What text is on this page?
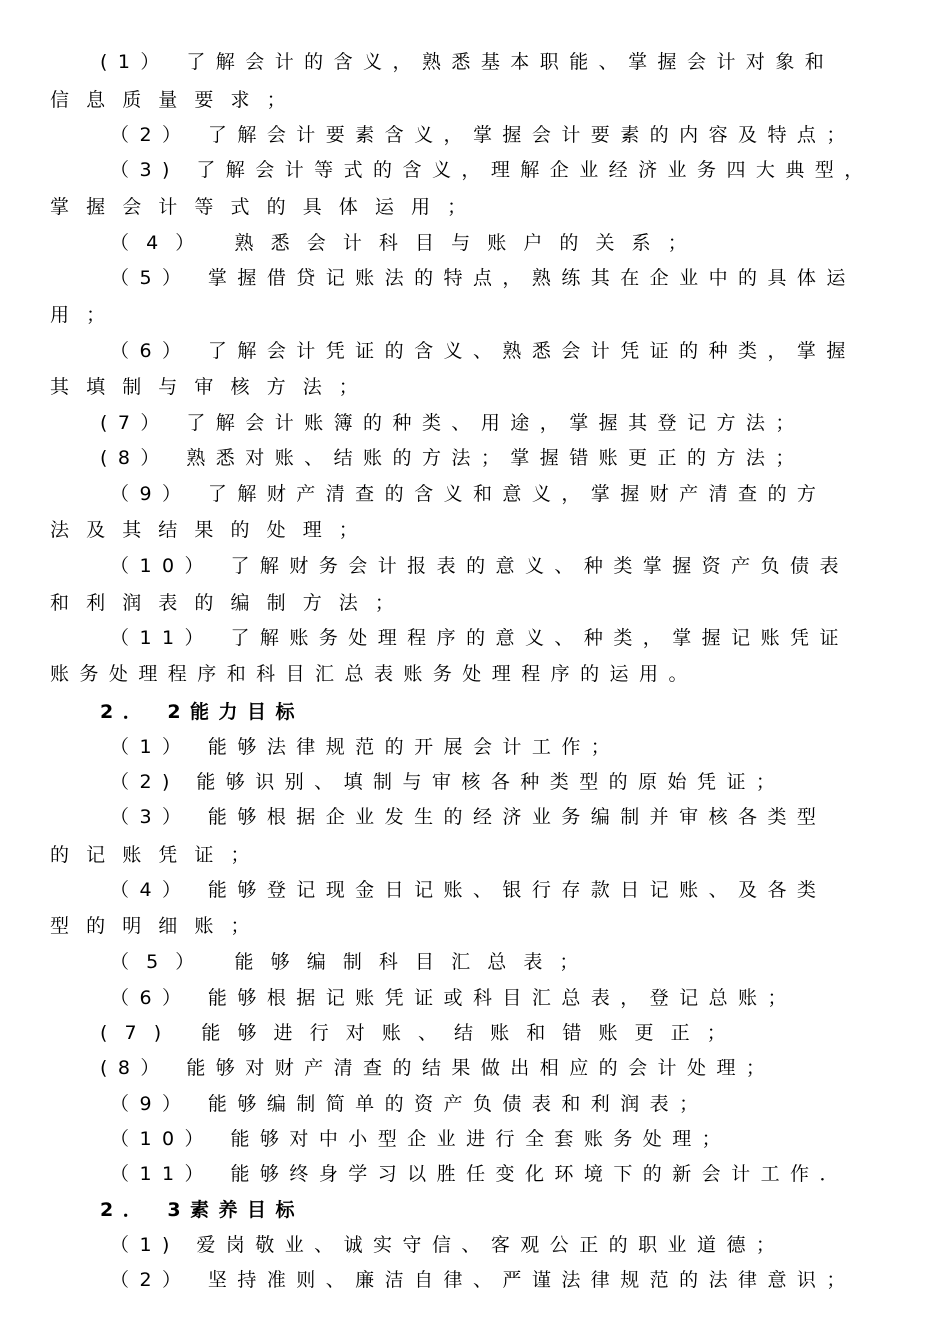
(1） 了解会计的含义，熟悉基本职能、掌握会计对象和
信息质量要求；
（2） 了解会计要素含义，掌握会计要素的内容及特点；
（3) 了解会计等式的含义，理解企业经济业务四大典型，
掌握会计等式的具体运用；
（4） 熟悉会计科目与账户的关系；
（5） 掌握借贷记账法的特点，熟练其在企业中的具体运
用；
（6） 了解会计凭证的含义、熟悉会计凭证的种类，掌握
其填制与审核方法；
(7） 了解会计账簿的种类、用途，掌握其登记方法；
(8） 熟悉对账、结账的方法；掌握错账更正的方法；
（9） 了解财产清查的含义和意义，掌握财产清查的方
法及其结果的处理；
（10） 了解财务会计报表的意义、种类掌握资产负债表
和利润表的编制方法；
（11） 了解账务处理程序的意义、种类，掌握记账凭证
账务处理程序和科目汇总表账务处理程序的运用。
2． 2能力目标
（1） 能够法律规范的开展会计工作；
（2) 能够识别、填制与审核各种类型的原始凭证；
（3） 能够根据企业发生的经济业务编制并审核各类型
的记账凭证；
（4） 能够登记现金日记账、银行存款日记账、及各类
型的明细账；
（5） 能够编制科目汇总表；
（6） 能够根据记账凭证或科目汇总表，登记总账；
(7) 能够进行对账、结账和错账更正；
(8） 能够对财产清查的结果做出相应的会计处理；
（9） 能够编制简单的资产负债表和利润表；
（10） 能够对中小型企业进行全套账务处理；
（11） 能够终身学习以胜任变化环境下的新会计工作．
2． 3素养目标
（1) 爱岗敬业、诚实守信、客观公正的职业道德；
（2） 坚持准则、廉洁自律、严谨法律规范的法律意识；
